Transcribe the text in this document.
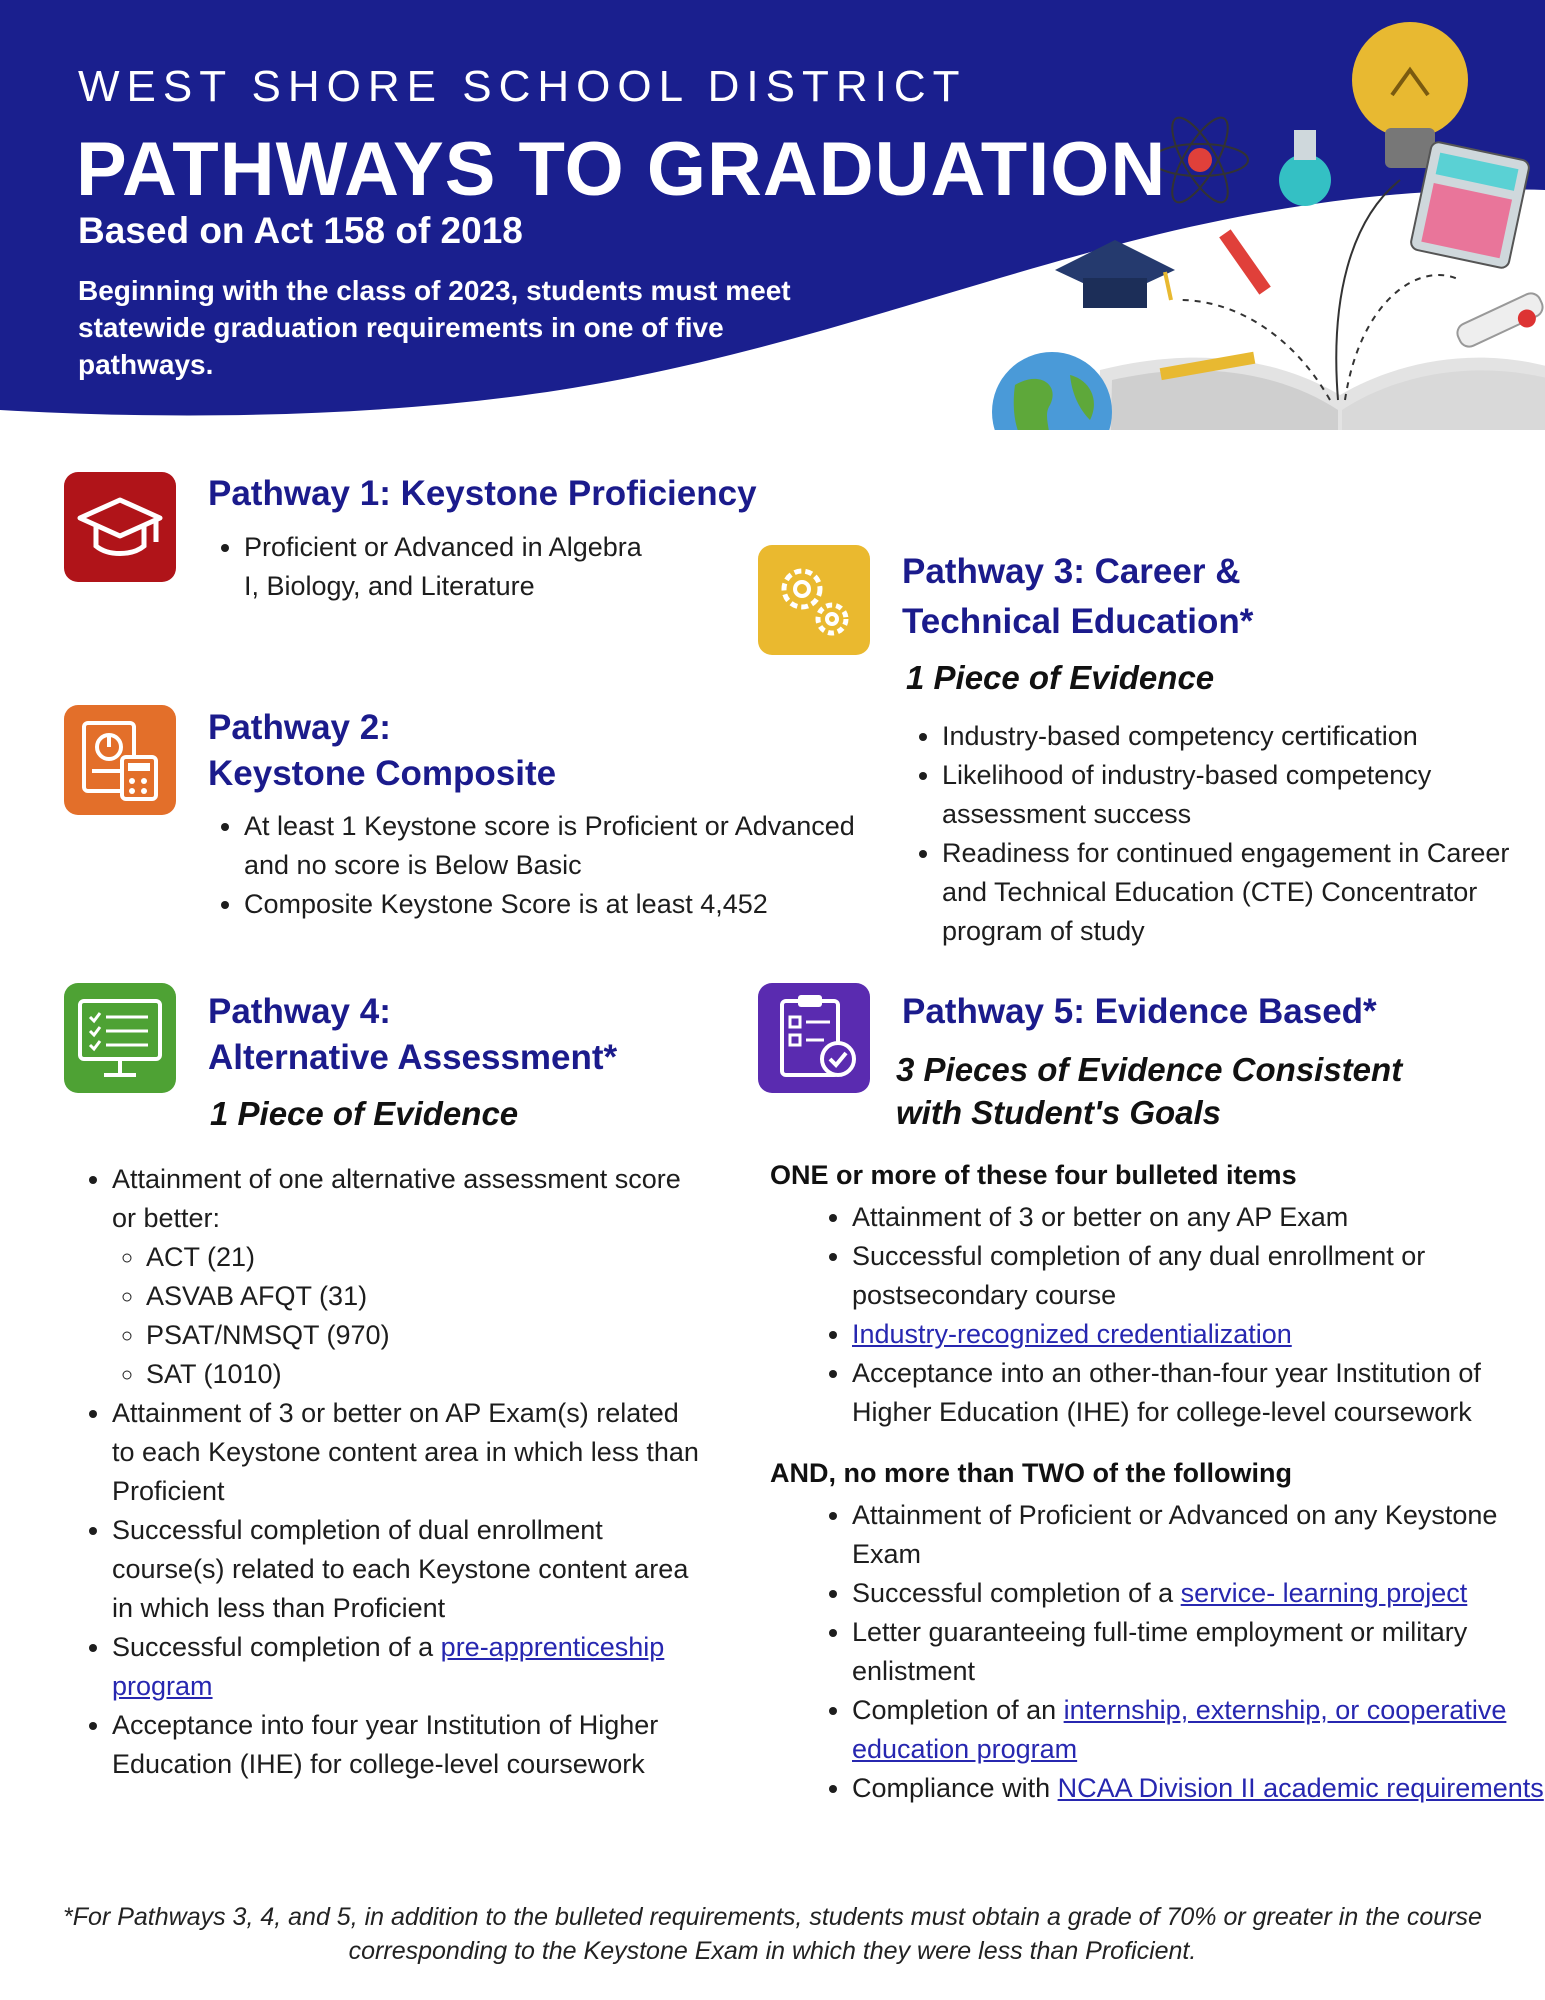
WEST SHORE SCHOOL DISTRICT
PATHWAYS TO GRADUATION
Based on Act 158 of 2018
Beginning with the class of 2023, students must meet statewide graduation requirements in one of five pathways.
Pathway 1: Keystone Proficiency
• Proficient or Advanced in Algebra I, Biology, and Literature
Pathway 2:
Keystone Composite
• At least 1 Keystone score is Proficient or Advanced and no score is Below Basic
• Composite Keystone Score is at least 4,452
Pathway 3: Career &
Technical Education*
1 Piece of Evidence
• Industry-based competency certification
• Likelihood of industry-based competency assessment success
• Readiness for continued engagement in Career and Technical Education (CTE) Concentrator program of study
Pathway 4:
Alternative Assessment*
1 Piece of Evidence
• Attainment of one alternative assessment score or better:
◦ ACT (21)
◦ ASVAB AFQT (31)
◦ PSAT/NMSQT (970)
◦ SAT (1010)
• Attainment of 3 or better on AP Exam(s) related to each Keystone content area in which less than Proficient
• Successful completion of dual enrollment course(s) related to each Keystone content area in which less than Proficient
• Successful completion of a pre-apprenticeship program
• Acceptance into four year Institution of Higher Education (IHE) for college-level coursework
Pathway 5: Evidence Based*
3 Pieces of Evidence Consistent
with Student's Goals
ONE or more of these four bulleted items
• Attainment of 3 or better on any AP Exam
• Successful completion of any dual enrollment or postsecondary course
• Industry-recognized credentialization
• Acceptance into an other-than-four year Institution of Higher Education (IHE) for college-level coursework
AND, no more than TWO of the following
• Attainment of Proficient or Advanced on any Keystone Exam
• Successful completion of a service- learning project
• Letter guaranteeing full-time employment or military enlistment
• Completion of an internship, externship, or cooperative education program
• Compliance with NCAA Division II academic requirements
*For Pathways 3, 4, and 5, in addition to the bulleted requirements, students must obtain a grade of 70% or greater in the course corresponding to the Keystone Exam in which they were less than Proficient.
